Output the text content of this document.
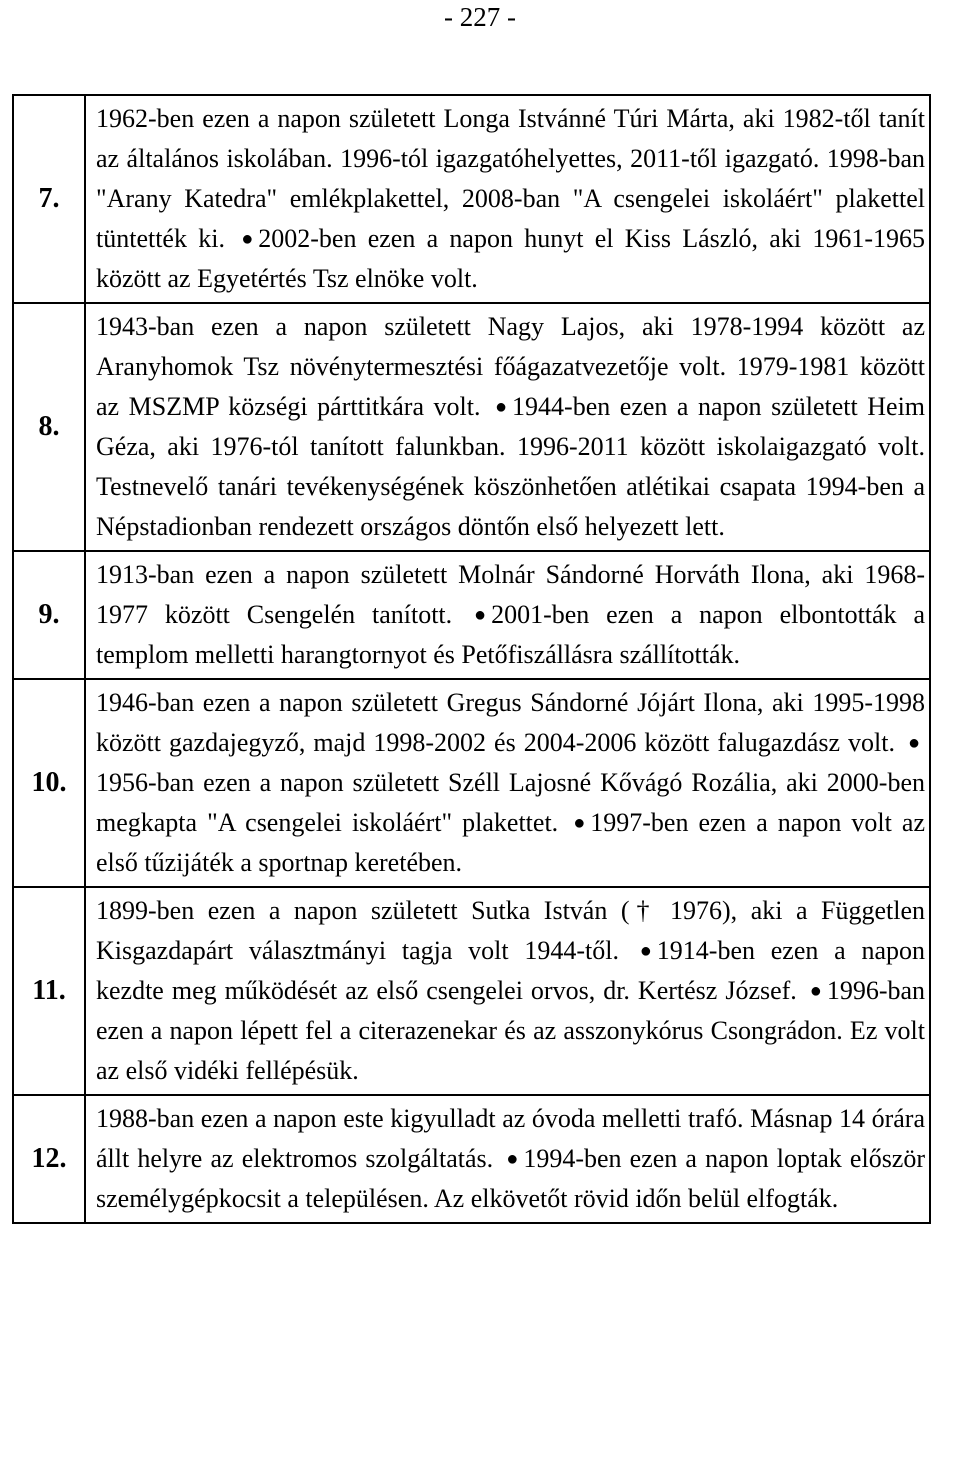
- 227 -
7.	1962-ben ezen a napon született Longa Istvánné Túri Márta, aki 1982-től tanít az általános iskolában. 1996-tól igazgatóhelyettes, 2011-től igazgató. 1998-ban "Arany Katedra" emlékplakettel, 2008-ban "A csengelei iskoláért" plakettel tüntették ki. ● 2002-ben ezen a napon hunyt el Kiss László, aki 1961-1965 között az Egyetértés Tsz elnöke volt.
8.	1943-ban ezen a napon született Nagy Lajos, aki 1978-1994 között az Aranyhomok Tsz növénytermesztési főágazatvezetője volt. 1979-1981 között az MSZMP községi párttitkára volt. ● 1944-ben ezen a napon született Heim Géza, aki 1976-tól tanított falunkban. 1996-2011 között iskolaigazgató volt. Testnevelő tanári tevékenységének köszönhetően atlétikai csapata 1994-ben a Népstadionban rendezett országos döntőn első helyezett lett.
9.	1913-ban ezen a napon született Molnár Sándorné Horváth Ilona, aki 1968-1977 között Csengelén tanított. ● 2001-ben ezen a napon elbontották a templom melletti harangtornyot és Petőfiszállásra szállították.
10.	1946-ban ezen a napon született Gregus Sándorné Jójárt Ilona, aki 1995-1998 között gazdajegyző, majd 1998-2002 és 2004-2006 között falugazdász volt. ●1956-ban ezen a napon született Széll Lajosné Kővágó Rozália, aki 2000-ben megkapta "A csengelei iskoláért" plakettet. ● 1997-ben ezen a napon volt az első tűzijáték a sportnap keretében.
11.	1899-ben ezen a napon született Sutka István († 1976), aki a Független Kisgazdapárt választmányi tagja volt 1944-től. ● 1914-ben ezen a napon kezdte meg működését az első csengelei orvos, dr. Kertész József. ● 1996-ban ezen a napon lépett fel a citerazenekar és az asszonykórus Csongrádon. Ez volt az első vidéki fellépésük.
12.	1988-ban ezen a napon este kigyulladt az óvoda melletti trafó. Másnap 14 órára állt helyre az elektromos szolgáltatás. ● 1994-ben ezen a napon loptak először személygépkocsit a településen. Az elkövetőt rövid időn belül elfogták.
